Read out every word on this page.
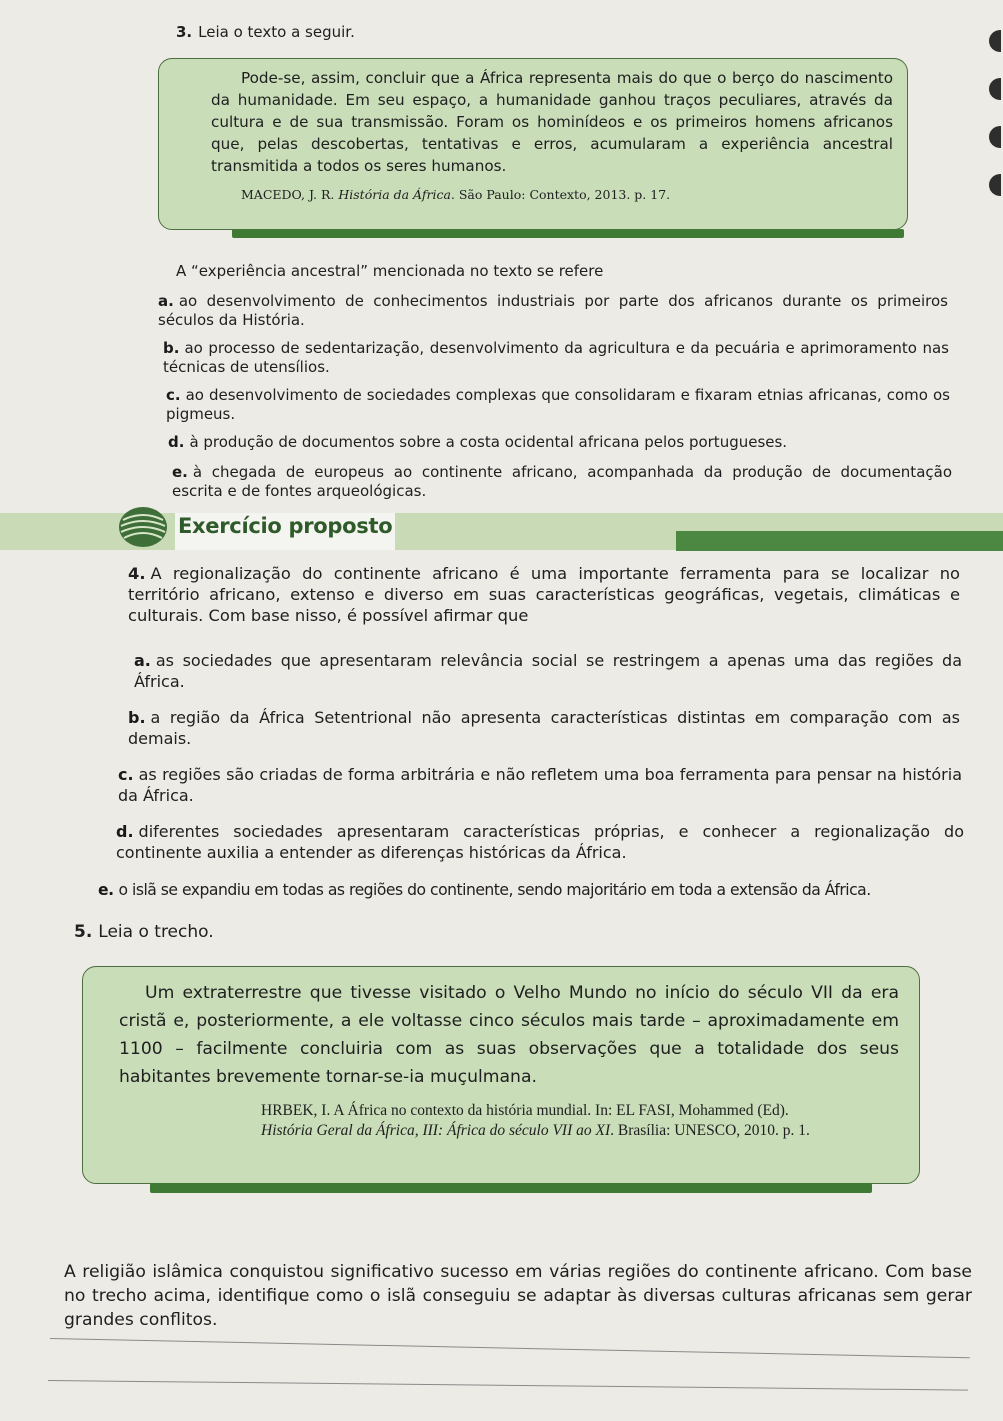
3. Leia o texto a seguir.

Pode-se, assim, concluir que a África representa mais do que o berço do nascimento da humanidade. Em seu espaço, a humanidade ganhou traços peculiares, através da cultura e de sua transmissão. Foram os hominídeos e os primeiros homens africanos que, pelas descobertas, tentativas e erros, acumularam a experiência ancestral transmitida a todos os seres humanos.

MACEDO, J. R. História da África. São Paulo: Contexto, 2013. p. 17.

A “experiência ancestral” mencionada no texto se refere
a. ao desenvolvimento de conhecimentos industriais por parte dos africanos durante os primeiros séculos da História.
b. ao processo de sedentarização, desenvolvimento da agricultura e da pecuária e aprimoramento nas técnicas de utensílios.
c. ao desenvolvimento de sociedades complexas que consolidaram e fixaram etnias africanas, como os pigmeus.
d. à produção de documentos sobre a costa ocidental africana pelos portugueses.
e. à chegada de europeus ao continente africano, acompanhada da produção de documentação escrita e de fontes arqueológicas.
Exercício proposto
4. A regionalização do continente africano é uma importante ferramenta para se localizar no território africano, extenso e diverso em suas características geográficas, vegetais, climáticas e culturais. Com base nisso, é possível afirmar que
a. as sociedades que apresentaram relevância social se restringem a apenas uma das regiões da África.
b. a região da África Setentrional não apresenta características distintas em comparação com as demais.
c. as regiões são criadas de forma arbitrária e não refletem uma boa ferramenta para pensar na história da África.
d. diferentes sociedades apresentaram características próprias, e conhecer a regionalização do continente auxilia a entender as diferenças históricas da África.
e. o islã se expandiu em todas as regiões do continente, sendo majoritário em toda a extensão da África.
5. Leia o trecho.

Um extraterrestre que tivesse visitado o Velho Mundo no início do século VII da era cristã e, posteriormente, a ele voltasse cinco séculos mais tarde – aproximadamente em 1100 – facilmente concluiria com as suas observações que a totalidade dos seus habitantes brevemente tornar-se-ia muçulmana.

HRBEK, I. A África no contexto da história mundial. In: EL FASI, Mohammed (Ed).
História Geral da África, III: África do século VII ao XI. Brasília: UNESCO, 2010. p. 1.

A religião islâmica conquistou significativo sucesso em várias regiões do continente africano. Com base no trecho acima, identifique como o islã conseguiu se adaptar às diversas culturas africanas sem gerar grandes conflitos.
